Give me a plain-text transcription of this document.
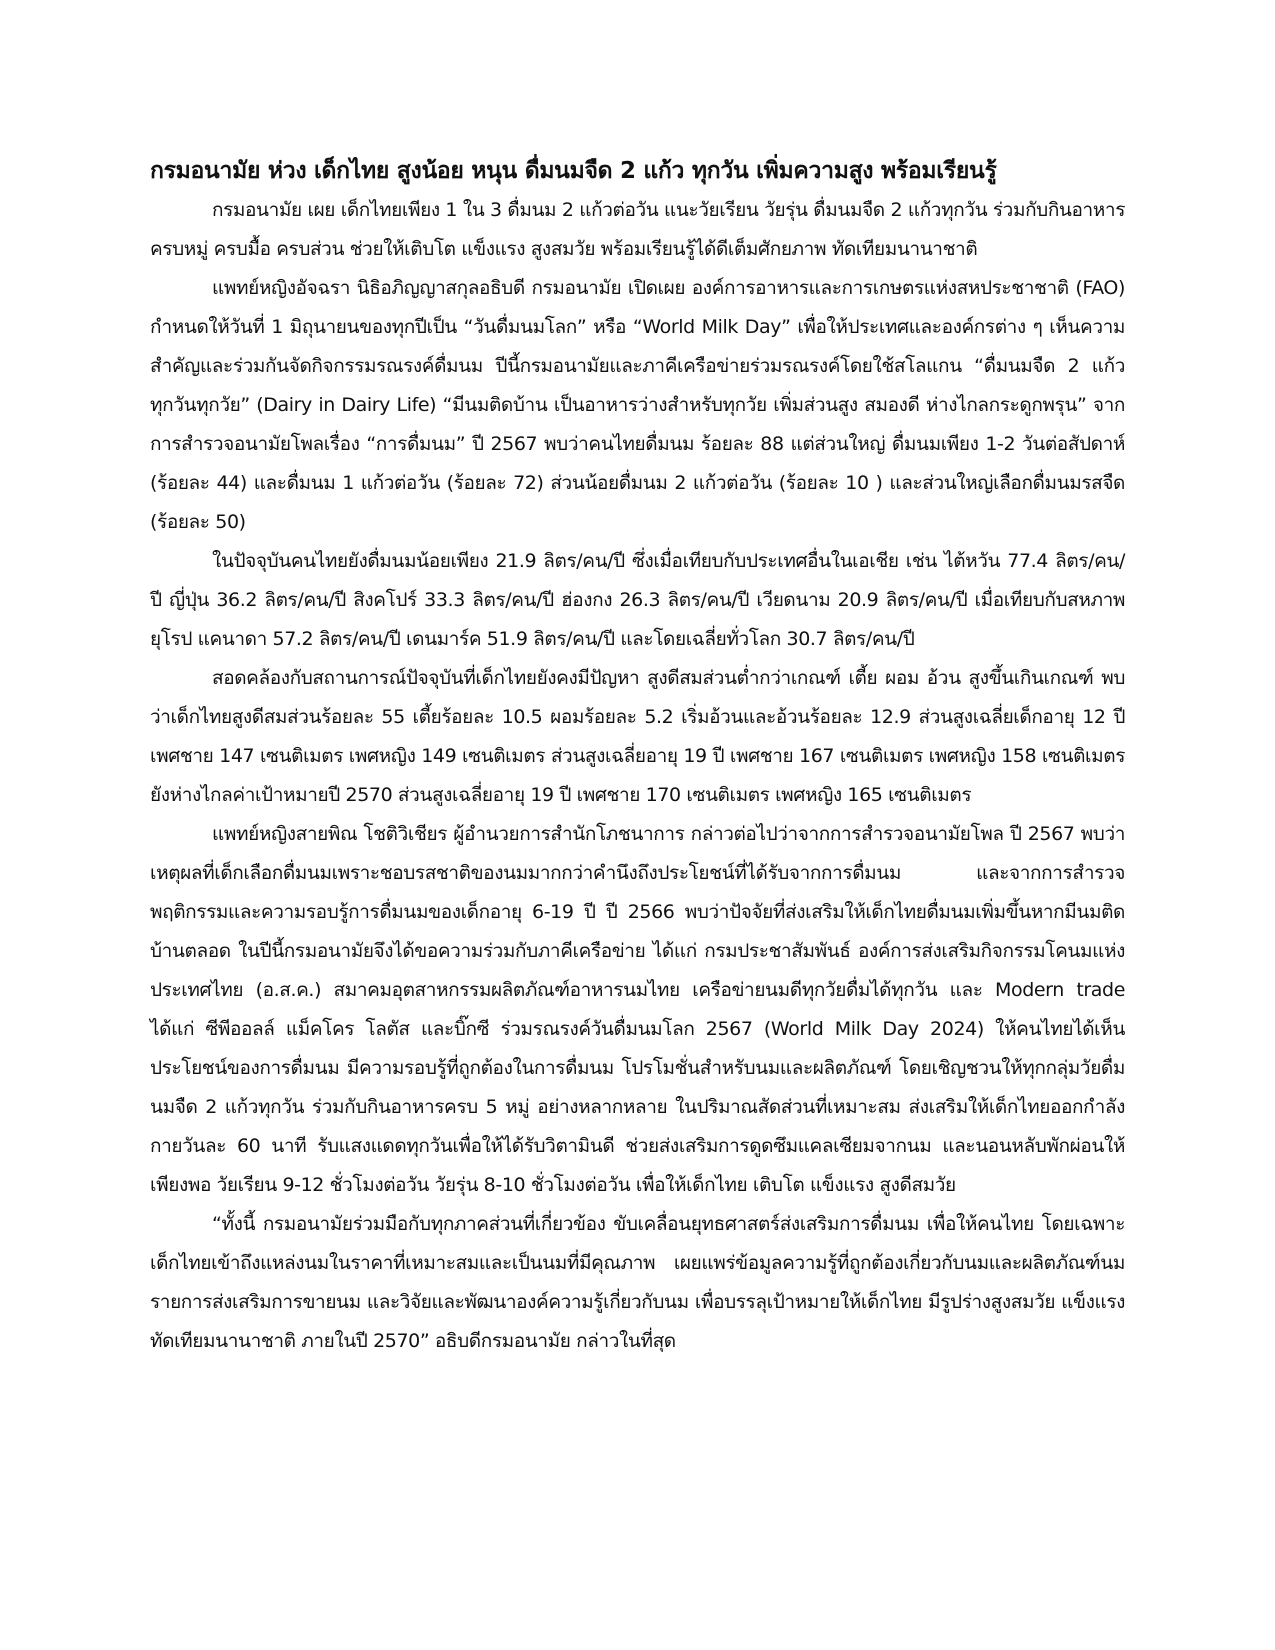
กรมอนามัย ห่วง เด็กไทย สูงน้อย หนุน ดื่มนมจืด 2 แก้ว ทุกวัน เพิ่มความสูง พร้อมเรียนรู้

กรมอนามัย เผย เด็กไทยเพียง 1 ใน 3 ดื่มนม 2 แก้วต่อวัน แนะวัยเรียน วัยรุ่น ดื่มนมจืด 2 แก้วทุกวัน ร่วมกับกินอาหารครบหมู่ ครบมื้อ ครบส่วน ช่วยให้เติบโต แข็งแรง สูงสมวัย พร้อมเรียนรู้ได้ดีเต็มศักยภาพ ทัดเทียมนานาชาติ

แพทย์หญิงอัจฉรา นิธิอภิญญาสกุลอธิบดี กรมอนามัย เปิดเผย องค์การอาหารและการเกษตรแห่งสหประชาชาติ (FAO) กำหนดให้วันที่ 1 มิถุนายนของทุกปีเป็น “วันดื่มนมโลก” หรือ “World Milk Day” เพื่อให้ประเทศและองค์กรต่าง ๆ เห็นความสำคัญและร่วมกันจัดกิจกรรมรณรงค์ดื่มนม ปีนี้กรมอนามัยและภาคีเครือข่ายร่วมรณรงค์โดยใช้สโลแกน “ดื่มนมจืด 2 แก้ว ทุกวันทุกวัย” (Dairy in Dairy Life) “มีนมติดบ้าน เป็นอาหารว่างสำหรับทุกวัย เพิ่มส่วนสูง สมองดี ห่างไกลกระดูกพรุน” จากการสำรวจอนามัยโพลเรื่อง “การดื่มนม” ปี 2567 พบว่าคนไทยดื่มนม ร้อยละ 88 แต่ส่วนใหญ่ ดื่มนมเพียง 1-2 วันต่อสัปดาห์ (ร้อยละ 44) และดื่มนม 1 แก้วต่อวัน (ร้อยละ 72) ส่วนน้อยดื่มนม 2 แก้วต่อวัน (ร้อยละ 10 ) และส่วนใหญ่เลือกดื่มนมรสจืด (ร้อยละ 50)

ในปัจจุบันคนไทยยังดื่มนมน้อยเพียง 21.9 ลิตร/คน/ปี ซึ่งเมื่อเทียบกับประเทศอื่นในเอเชีย เช่น ไต้หวัน 77.4 ลิตร/คน/ปี ญี่ปุ่น 36.2 ลิตร/คน/ปี สิงคโปร์ 33.3 ลิตร/คน/ปี ฮ่องกง 26.3 ลิตร/คน/ปี เวียดนาม 20.9 ลิตร/คน/ปี เมื่อเทียบกับสหภาพยุโรป แคนาดา 57.2 ลิตร/คน/ปี เดนมาร์ค 51.9 ลิตร/คน/ปี และโดยเฉลี่ยทั่วโลก 30.7 ลิตร/คน/ปี

สอดคล้องกับสถานการณ์ปัจจุบันที่เด็กไทยยังคงมีปัญหา สูงดีสมส่วนต่ำกว่าเกณฑ์ เตี้ย ผอม อ้วน สูงขึ้นเกินเกณฑ์ พบว่าเด็กไทยสูงดีสมส่วนร้อยละ 55 เตี้ยร้อยละ 10.5 ผอมร้อยละ 5.2 เริ่มอ้วนและอ้วนร้อยละ 12.9 ส่วนสูงเฉลี่ยเด็กอายุ 12 ปี เพศชาย 147 เซนติเมตร เพศหญิง 149 เซนติเมตร ส่วนสูงเฉลี่ยอายุ 19 ปี เพศชาย 167 เซนติเมตร เพศหญิง 158 เซนติเมตร ยังห่างไกลค่าเป้าหมายปี 2570 ส่วนสูงเฉลี่ยอายุ 19 ปี เพศชาย 170 เซนติเมตร เพศหญิง 165 เซนติเมตร

แพทย์หญิงสายพิณ โชติวิเชียร ผู้อำนวยการสำนักโภชนาการ กล่าวต่อไปว่าจากการสำรวจอนามัยโพล ปี 2567 พบว่าเหตุผลที่เด็กเลือกดื่มนมเพราะชอบรสชาติของนมมากกว่าคำนึงถึงประโยชน์ที่ได้รับจากการดื่มนม และจากการสำรวจพฤติกรรมและความรอบรู้การดื่มนมของเด็กอายุ 6-19 ปี ปี 2566 พบว่าปัจจัยที่ส่งเสริมให้เด็กไทยดื่มนมเพิ่มขึ้นหากมีนมติดบ้านตลอด ในปีนี้กรมอนามัยจึงได้ขอความร่วมกับภาคีเครือข่าย ได้แก่ กรมประชาสัมพันธ์ องค์การส่งเสริมกิจกรรมโคนมแห่งประเทศไทย (อ.ส.ค.) สมาคมอุตสาหกรรมผลิตภัณฑ์อาหารนมไทย เครือข่ายนมดีทุกวัยดื่มได้ทุกวัน และ Modern trade ได้แก่ ซีพีออลล์ แม็คโคร โลตัส และบิ๊กซี ร่วมรณรงค์วันดื่มนมโลก 2567 (World Milk Day 2024) ให้คนไทยได้เห็นประโยชน์ของการดื่มนม มีความรอบรู้ที่ถูกต้องในการดื่มนม โปรโมชั่นสำหรับนมและผลิตภัณฑ์ โดยเชิญชวนให้ทุกกลุ่มวัยดื่มนมจืด 2 แก้วทุกวัน ร่วมกับกินอาหารครบ 5 หมู่ อย่างหลากหลาย ในปริมาณสัดส่วนที่เหมาะสม ส่งเสริมให้เด็กไทยออกกำลังกายวันละ 60 นาที รับแสงแดดทุกวันเพื่อให้ได้รับวิตามินดี ช่วยส่งเสริมการดูดซึมแคลเซียมจากนม และนอนหลับพักผ่อนให้เพียงพอ วัยเรียน 9-12 ชั่วโมงต่อวัน วัยรุ่น 8-10 ชั่วโมงต่อวัน เพื่อให้เด็กไทย เติบโต แข็งแรง สูงดีสมวัย

“ทั้งนี้ กรมอนามัยร่วมมือกับทุกภาคส่วนที่เกี่ยวข้อง ขับเคลื่อนยุทธศาสตร์ส่งเสริมการดื่มนม เพื่อให้คนไทย โดยเฉพาะเด็กไทยเข้าถึงแหล่งนมในราคาที่เหมาะสมและเป็นนมที่มีคุณภาพ เผยแพร่ข้อมูลความรู้ที่ถูกต้องเกี่ยวกับนมและผลิตภัณฑ์นม รายการส่งเสริมการขายนม และวิจัยและพัฒนาองค์ความรู้เกี่ยวกับนม เพื่อบรรลุเป้าหมายให้เด็กไทย มีรูปร่างสูงสมวัย แข็งแรง ทัดเทียมนานาชาติ ภายในปี 2570” อธิบดีกรมอนามัย กล่าวในที่สุด
